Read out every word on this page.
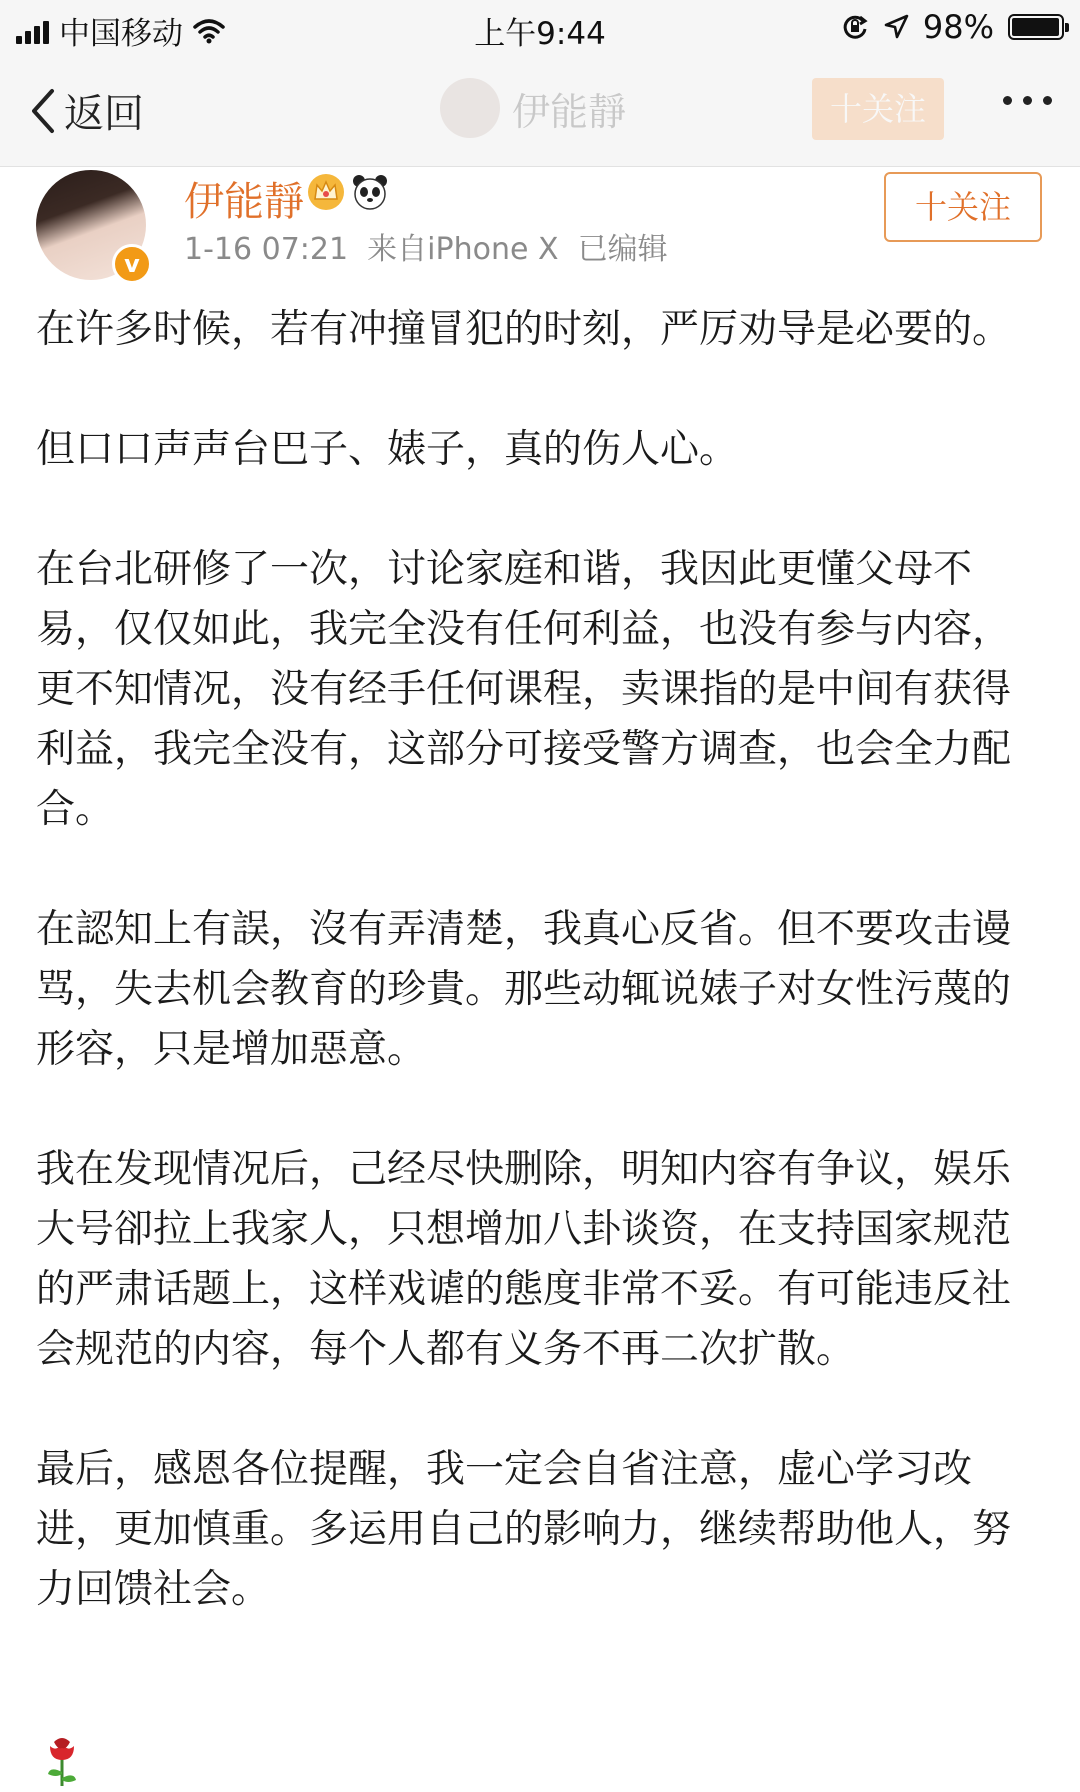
中国移动	上午9:44	98%
返回	伊能靜	十关注
v
伊能靜
1-16 07:21 来自iPhone X 已编辑
十关注

在许多时候，若有冲撞冒犯的时刻，严厉劝导是必要的。

但口口声声台巴子、婊子，真的伤人心。

在台北研修了一次，讨论家庭和谐，我因此更懂父母不易，仅仅如此，我完全没有任何利益，也没有参与内容，更不知情况，没有经手任何课程，卖课指的是中间有获得利益，我完全没有，这部分可接受警方调查，也会全力配合。

在認知上有誤，沒有弄清楚，我真心反省。但不要攻击谩骂，失去机会教育的珍貴。那些动辄说婊子对女性污蔑的形容，只是增加惡意。

我在发现情况后，己经尽快删除，明知内容有争议，娱乐大号卻拉上我家人，只想增加八卦谈资，在支持国家规范的严肃话题上，这样戏谑的態度非常不妥。有可能违反社会规范的内容，每个人都有义务不再二次扩散。

最后，感恩各位提醒，我一定会自省注意，虚心学习改进，更加慎重。多运用自己的影响力，继续帮助他人，努力回馈社会。
